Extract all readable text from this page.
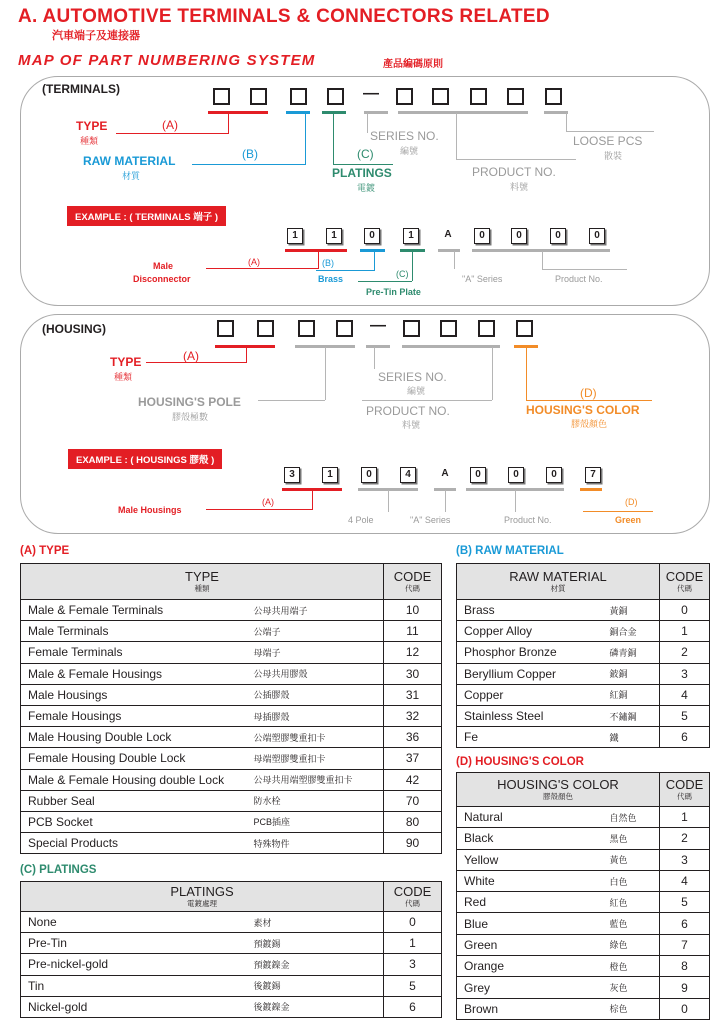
A. AUTOMOTIVE TERMINALS & CONNECTORS RELATED
汽車端子及連接器
MAP OF PART NUMBERING SYSTEM	產品編碼原則
(TERMINALS)	—
TYPE
種類
(A)
RAW MATERIAL
材質
(B)	(C)
PLATINGS
電鍍
SERIES NO.
編號
PRODUCT NO.
料號
LOOSE PCS
散裝
EXAMPLE : ( TERMINALS 端子 )
1	1	0	1	A	0	0	0	0
Male
Disconnector
(A)	(B)
Brass	(C)
Pre-Tin Plate
"A" Series	Product No.
(HOUSING)	—
TYPE
種類
(A)
HOUSING'S POLE
膠殼極數
SERIES NO.
編號
PRODUCT NO.
料號
(D)
HOUSING'S COLOR
膠殼顏色
EXAMPLE : ( HOUSINGS 膠殼 )
3	1	0	4	A	0	0	0	7
Male Housings
(A)
4 Pole	"A" Series	Product No.
(D)
Green
(A) TYPE
TYPE
種類		CODE
代碼

Male & Female Terminals	公母共用端子	10
Male Terminals	公端子	11
Female Terminals	母端子	12
Male & Female Housings	公母共用膠殼	30
Male Housings	公插膠殼	31
Female Housings	母插膠殼	32
Male Housing Double Lock	公端塑膠雙重扣卡	36
Female Housing Double Lock	母端塑膠雙重扣卡	37
Male & Female Housing double Lock	公母共用端塑膠雙重扣卡	42
Rubber Seal	防水栓	70
PCB Socket	PCB插座	80
Special Products	特殊物件	90
(C) PLATINGS
PLATINGS
電鍍處理		CODE
代碼

None	素材	0
Pre-Tin	預鍍錫	1
Pre-nickel-gold	預鍍鎳金	3
Tin	後鍍錫	5
Nickel-gold	後鍍鎳金	6
(B) RAW MATERIAL
RAW MATERIAL
材質		CODE
代碼

Brass	黃銅	0
Copper Alloy	銅合金	1
Phosphor Bronze	磷青銅	2
Beryllium Copper	鈹銅	3
Copper	紅銅	4
Stainless Steel	不鏽鋼	5
Fe	鐵	6
(D) HOUSING'S COLOR
HOUSING'S COLOR
膠殼顏色		CODE
代碼

Natural	自然色	1
Black	黑色	2
Yellow	黃色	3
White	白色	4
Red	紅色	5
Blue	藍色	6
Green	綠色	7
Orange	橙色	8
Grey	灰色	9
Brown	棕色	0
